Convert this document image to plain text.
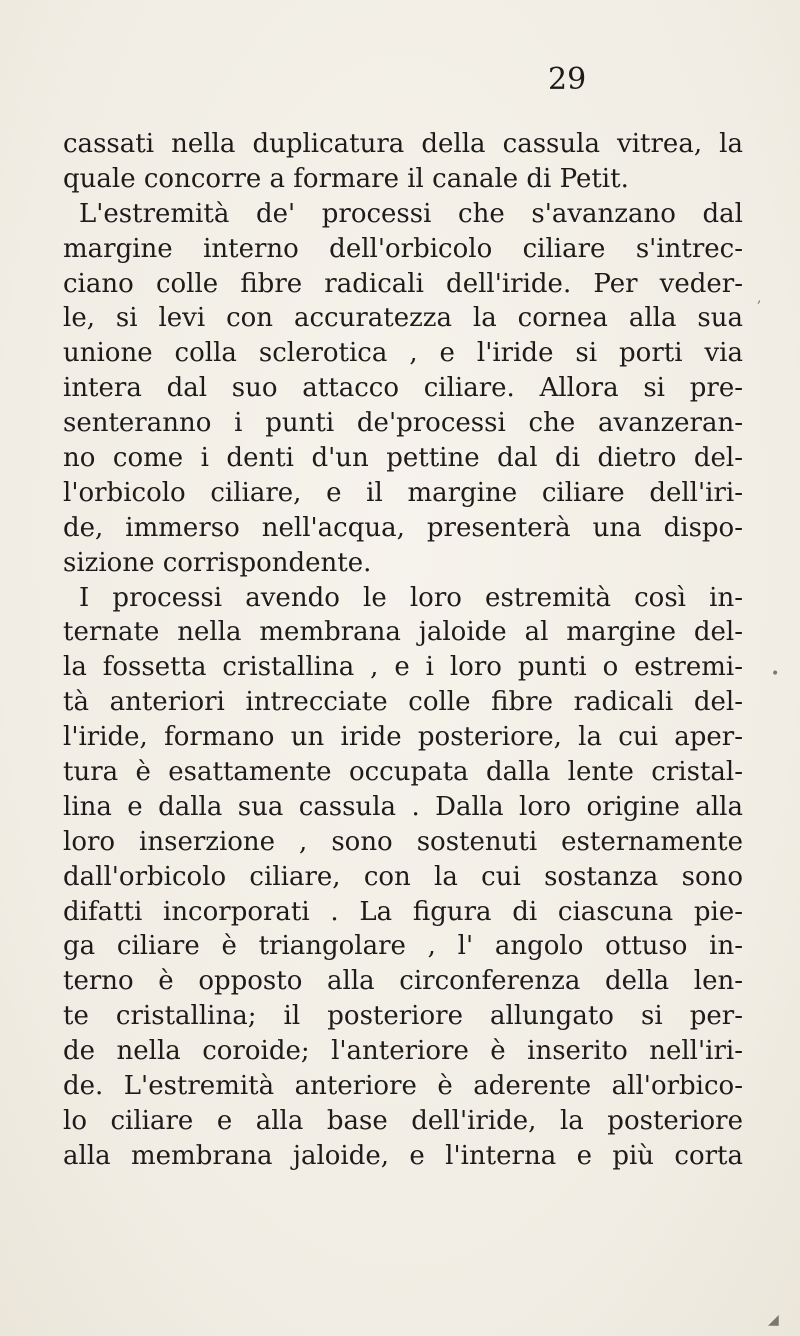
29
cassati nella duplicatura della cassula vitrea, la
quale concorre a formare il canale di Petit.
L'estremità de' processi che s'avanzano dal
margine interno dell'orbicolo ciliare s'intrec-
ciano colle fibre radicali dell'iride. Per veder-
le, si levi con accuratezza la cornea alla sua
unione colla sclerotica , e l'iride si porti via
intera dal suo attacco ciliare. Allora si pre-
senteranno i punti de'processi che avanzeran-
no come i denti d'un pettine dal di dietro del-
l'orbicolo ciliare, e il margine ciliare dell'iri-
de, immerso nell'acqua, presenterà una dispo-
sizione corrispondente.
I processi avendo le loro estremità così in-
ternate nella membrana jaloide al margine del-
la fossetta cristallina , e i loro punti o estremi-
tà anteriori intrecciate colle fibre radicali del-
l'iride, formano un iride posteriore, la cui aper-
tura è esattamente occupata dalla lente cristal-
lina e dalla sua cassula . Dalla loro origine alla
loro inserzione , sono sostenuti esternamente
dall'orbicolo ciliare, con la cui sostanza sono
difatti incorporati . La figura di ciascuna pie-
ga ciliare è triangolare , l' angolo ottuso in-
terno è opposto alla circonferenza della len-
te cristallina; il posteriore allungato si per-
de nella coroide; l'anteriore è inserito nell'iri-
de. L'estremità anteriore è aderente all'orbico-
lo ciliare e alla base dell'iride, la posteriore
alla membrana jaloide, e l'interna e più corta
•
,
◢
